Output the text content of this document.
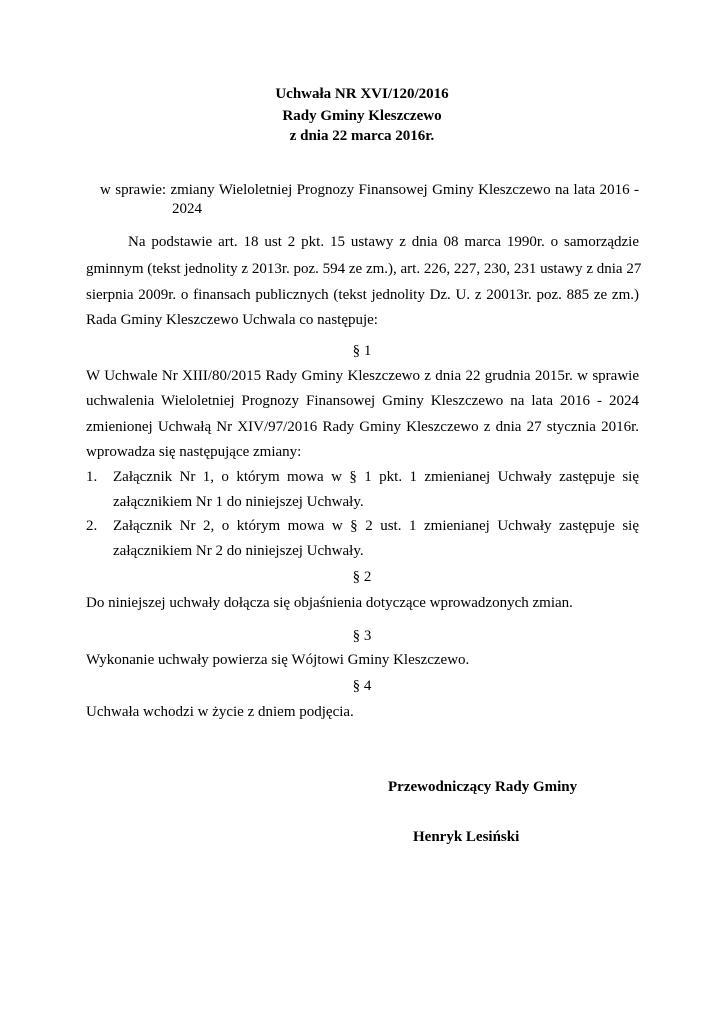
Uchwała NR XVI/120/2016
Rady Gminy Kleszczewo
z dnia 22 marca 2016r.
w sprawie: zmiany Wieloletniej Prognozy Finansowej Gminy Kleszczewo na lata 2016 -
2024
Na podstawie art. 18 ust 2 pkt. 15 ustawy z dnia 08 marca 1990r. o samorządzie
gminnym (tekst jednolity z 2013r. poz. 594 ze zm.), art. 226, 227, 230, 231 ustawy z dnia 27
sierpnia 2009r. o finansach publicznych (tekst jednolity Dz. U. z 20013r. poz. 885 ze zm.)
Rada Gminy Kleszczewo Uchwala co następuje:
§ 1
W Uchwale Nr XIII/80/2015 Rady Gminy Kleszczewo z dnia 22 grudnia 2015r. w sprawie
uchwalenia Wieloletniej Prognozy Finansowej Gminy Kleszczewo na lata 2016 - 2024
zmienionej Uchwałą Nr XIV/97/2016 Rady Gminy Kleszczewo z dnia 27 stycznia 2016r.
wprowadza się następujące zmiany:
1. Załącznik Nr 1, o którym mowa w § 1 pkt. 1 zmienianej Uchwały zastępuje się
załącznikiem Nr 1 do niniejszej Uchwały.
2. Załącznik Nr 2, o którym mowa w § 2 ust. 1 zmienianej Uchwały zastępuje się
załącznikiem Nr 2 do niniejszej Uchwały.
§ 2
Do niniejszej uchwały dołącza się objaśnienia dotyczące wprowadzonych zmian.
§ 3
Wykonanie uchwały powierza się Wójtowi Gminy Kleszczewo.
§ 4
Uchwała wchodzi w życie z dniem podjęcia.
Przewodniczący Rady Gminy
Henryk Lesiński
